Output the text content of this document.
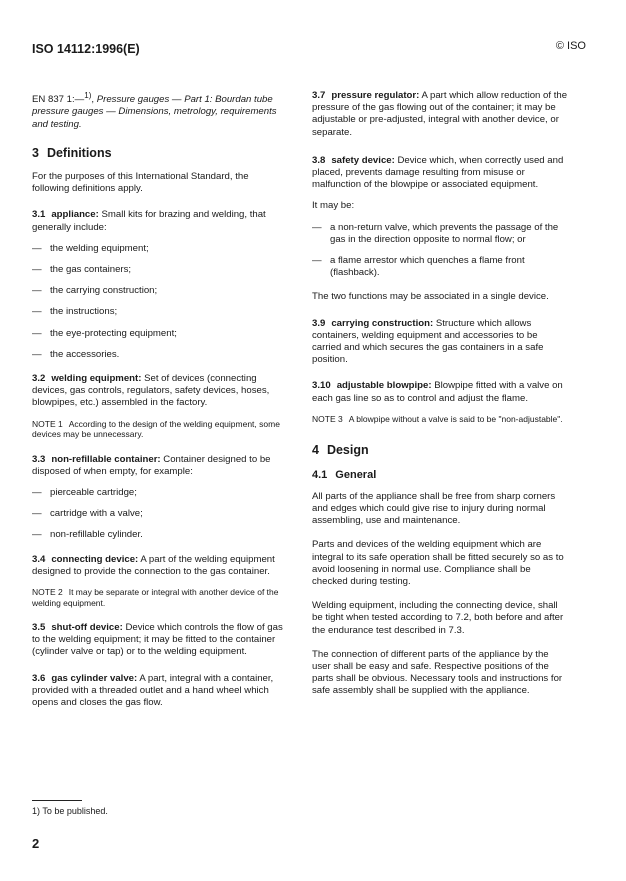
ISO 14112:1996(E)	© ISO

EN 837 1:—$^{1)}$, Pressure gauges — Part 1: Bourdan tube pressure gauges — Dimensions, metrology, requirements and testing.

3 Definitions

For the purposes of this International Standard, the following definitions apply.

3.1 appliance: Small kits for brazing and welding, that generally include:

— the welding equipment;
— the gas containers;
— the carrying construction;
— the instructions;
— the eye-protecting equipment;
— the accessories.

3.2 welding equipment: Set of devices (connecting devices, gas controls, regulators, safety devices, hoses, blowpipes, etc.) assembled in the factory.

NOTE 1 According to the design of the welding equipment, some devices may be unnecessary.

3.3 non-refillable container: Container designed to be disposed of when empty, for example:

— pierceable cartridge;
— cartridge with a valve;
— non-refillable cylinder.

3.4 connecting device: A part of the welding equipment designed to provide the connection to the gas container.

NOTE 2 It may be separate or integral with another device of the welding equipment.

3.5 shut-off device: Device which controls the flow of gas to the welding equipment; it may be fitted to the container (cylinder valve or tap) or to the welding equipment.

3.6 gas cylinder valve: A part, integral with a container, provided with a threaded outlet and a hand wheel which opens and closes the gas flow.

3.7 pressure regulator: A part which allow reduction of the pressure of the gas flowing out of the container; it may be adjustable or pre-adjusted, integral with another device, or separate.

3.8 safety device: Device which, when correctly used and placed, prevents damage resulting from misuse or malfunction of the blowpipe or associated equipment.

It may be:

— a non-return valve, which prevents the passage of the gas in the direction opposite to normal flow; or
— a flame arrestor which quenches a flame front (flashback).

The two functions may be associated in a single device.

3.9 carrying construction: Structure which allows containers, welding equipment and accessories to be carried and which secures the gas containers in a safe position.

3.10 adjustable blowpipe: Blowpipe fitted with a valve on each gas line so as to control and adjust the flame.

NOTE 3 A blowpipe without a valve is said to be "non-adjustable".

4 Design
4.1 General

All parts of the appliance shall be free from sharp corners and edges which could give rise to injury during normal assembling, use and maintenance.

Parts and devices of the welding equipment which are integral to its safe operation shall be fitted securely so as to avoid loosening in normal use. Compliance shall be checked during testing.

Welding equipment, including the connecting device, shall be tight when tested according to 7.2, both before and after the endurance test described in 7.3.

The connection of different parts of the appliance by the user shall be easy and safe. Respective positions of the parts shall be obvious. Necessary tools and instructions for safe assembly shall be supplied with the appliance.

1) To be published.
2
